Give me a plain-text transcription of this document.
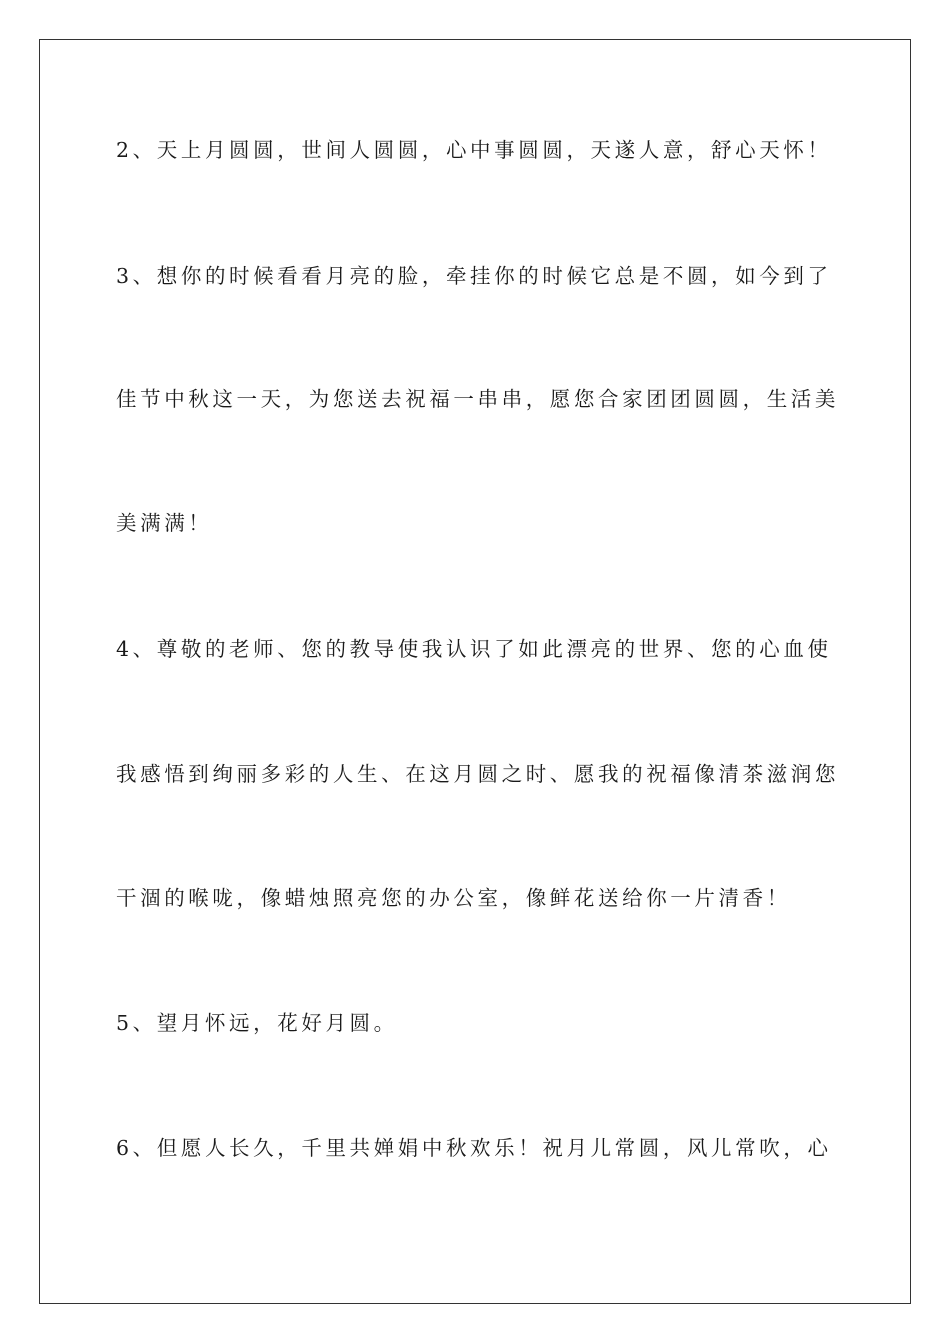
2、天上月圆圆，世间人圆圆，心中事圆圆，天遂人意，舒心天怀！
3、想你的时候看看月亮的脸，牵挂你的时候它总是不圆，如今到了
佳节中秋这一天，为您送去祝福一串串，愿您合家团团圆圆，生活美
美满满！
4、尊敬的老师、您的教导使我认识了如此漂亮的世界、您的心血使
我感悟到绚丽多彩的人生、在这月圆之时、愿我的祝福像清茶滋润您
干涸的喉咙，像蜡烛照亮您的办公室，像鲜花送给你一片清香！
5、望月怀远，花好月圆。
6、但愿人长久，千里共婵娟中秋欢乐！祝月儿常圆，风儿常吹，心
